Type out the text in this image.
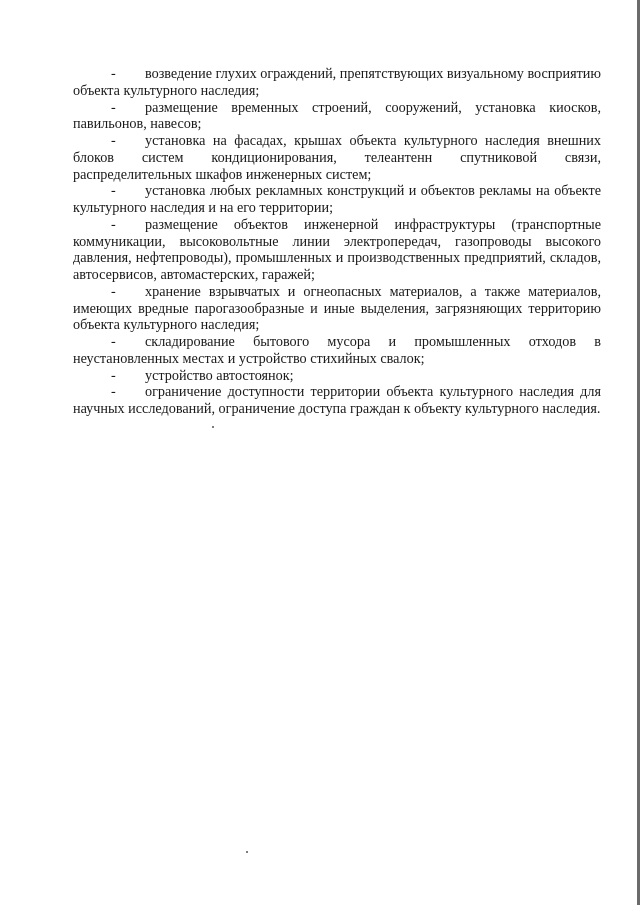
- возведение глухих ограждений, препятствующих визуальному восприятию объекта культурного наследия;

- размещение временных строений, сооружений, установка киосков, павильонов, навесов;

- установка на фасадах, крышах объекта культурного наследия внешних блоков систем кондиционирования, телеантенн спутниковой связи, распределительных шкафов инженерных систем;

- установка любых рекламных конструкций и объектов рекламы на объекте культурного наследия и на его территории;

- размещение объектов инженерной инфраструктуры (транспортные коммуникации, высоковольтные линии электропередач, газопроводы высокого давления, нефтепроводы), промышленных и производственных предприятий, складов, автосервисов, автомастерских, гаражей;

- хранение взрывчатых и огнеопасных материалов, а также материалов, имеющих вредные парогазообразные и иные выделения, загрязняющих территорию объекта культурного наследия;

- складирование бытового мусора и промышленных отходов в неустановленных местах и устройство стихийных свалок;

- устройство автостоянок;

- ограничение доступности территории объекта культурного наследия для научных исследований, ограничение доступа граждан к объекту культурного наследия.
